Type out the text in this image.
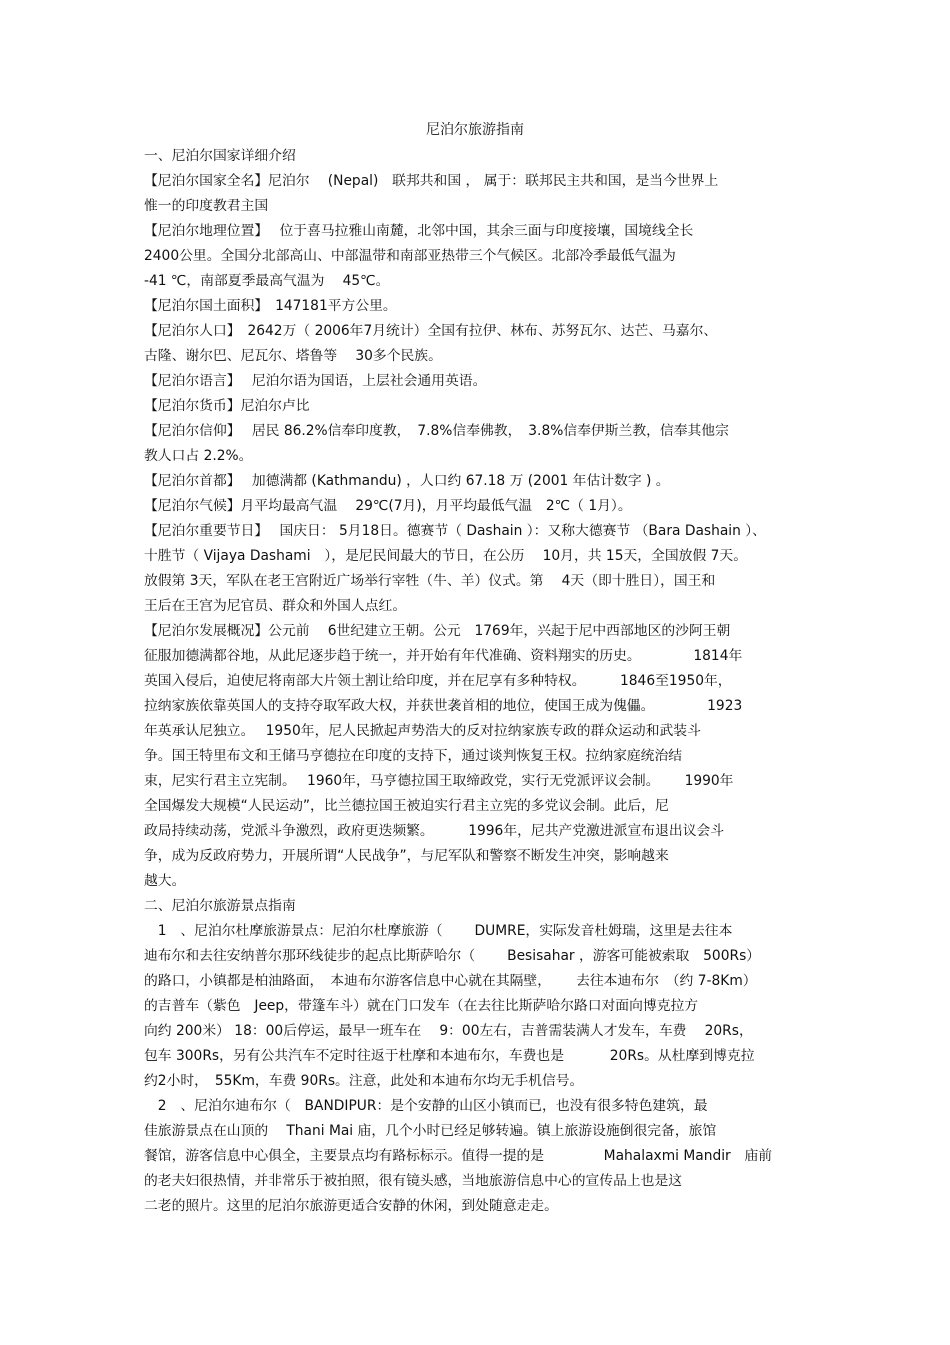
尼泊尔旅游指南
一、尼泊尔国家详细介绍
【尼泊尔国家全名】尼泊尔　 (Nepal)　联邦共和国 ， 属于：联邦民主共和国，是当今世界上
惟一的印度教君主国
【尼泊尔地理位置】　 位于喜马拉雅山南麓，北邻中国，其余三面与印度接壤，国境线全长
2400公里。全国分北部高山、中部温带和南部亚热带三个气候区。北部冷季最低气温为
-41 ℃，南部夏季最高气温为　 45℃。
【尼泊尔国土面积】　147181平方公里。
【尼泊尔人口】　2642万（ 2006年7月统计）全国有拉伊、林布、苏努瓦尔、达芒、马嘉尔、
古隆、谢尔巴、尼瓦尔、塔鲁等　 30多个民族。
【尼泊尔语言】　 尼泊尔语为国语，上层社会通用英语。
【尼泊尔货币】尼泊尔卢比
【尼泊尔信仰】　 居民 86.2%信奉印度教，　7.8%信奉佛教，　3.8%信奉伊斯兰教，信奉其他宗
教人口占 2.2%。
【尼泊尔首都】　 加德满都 (Kathmandu) ，人口约 67.18 万 (2001 年估计数字 ) 。
【尼泊尔气候】月平均最高气温　 29℃(7月)，月平均最低气温　2℃（ 1月）。
【尼泊尔重要节日】　 国庆日： 5月18日。德赛节（ Dashain ）：又称大德赛节 （Bara Dashain ）、
十胜节（ Vijaya Dashami　），是尼民间最大的节日，在公历　 10月，共 15天，全国放假 7天。
放假第 3天，军队在老王宫附近广场举行宰牲（牛、羊）仪式。第　 4天（即十胜日），国王和
王后在王宫为尼官员、群众和外国人点红。
【尼泊尔发展概况】公元前　 6世纪建立王朝。公元　1769年，兴起于尼中西部地区的沙阿王朝
征服加德满都谷地，从此尼逐步趋于统一，并开始有年代准确、资料翔实的历史。　　　　 1814年
英国入侵后，迫使尼将南部大片领土割让给印度，并在尼享有多种特权。　　　1846至1950年，
拉纳家族依靠英国人的支持夺取军政大权，并获世袭首相的地位，使国王成为傀儡。　　　　 1923
年英承认尼独立。　 1950年，尼人民掀起声势浩大的反对拉纳家族专政的群众运动和武装斗
争。国王特里布文和王储马亨德拉在印度的支持下，通过谈判恢复王权。拉纳家庭统治结
束，尼实行君主立宪制。　 1960年，马亨德拉国王取缔政党，实行无党派评议会制。　　 1990年
全国爆发大规模“人民运动”，比兰德拉国王被迫实行君主立宪的多党议会制。此后，尼
政局持续动荡，党派斗争激烈，政府更迭频繁。　　　1996年，尼共产党激进派宣布退出议会斗
争，成为反政府势力，开展所谓“人民战争”，与尼军队和警察不断发生冲突，影响越来
越大。
二、尼泊尔旅游景点指南
　1　、尼泊尔杜摩旅游景点：尼泊尔杜摩旅游（　　 DUMRE，实际发音杜姆瑞，这里是去往本
迪布尔和去往安纳普尔那环线徒步的起点比斯萨哈尔（　　 Besisahar ，游客可能被索取　500Rs）
的路口，小镇都是柏油路面，　本迪布尔游客信息中心就在其隔壁，　　 去往本迪布尔　（约 7-8Km）
的吉普车（紫色　Jeep，带篷车斗）就在门口发车（在去往比斯萨哈尔路口对面向博克拉方
向约 200米） 18：00后停运，最早一班车在　 9：00左右，吉普需装满人才发车，车费　 20Rs，
包车 300Rs，另有公共汽车不定时往返于杜摩和本迪布尔，车费也是　　　 20Rs。从杜摩到博克拉
约2小时，　55Km，车费 90Rs。注意，此处和本迪布尔均无手机信号。
　2　、尼泊尔迪布尔（　BANDIPUR：是个安静的山区小镇而已，也没有很多特色建筑，最
佳旅游景点在山顶的　 Thani Mai 庙，几个小时已经足够转遍。镇上旅游设施倒很完备，旅馆
餐馆，游客信息中心俱全，主要景点均有路标标示。值得一提的是　　　　 Mahalaxmi Mandir　庙前
的老夫妇很热情，并非常乐于被拍照，很有镜头感，当地旅游信息中心的宣传品上也是这
二老的照片。这里的尼泊尔旅游更适合安静的休闲，到处随意走走。
